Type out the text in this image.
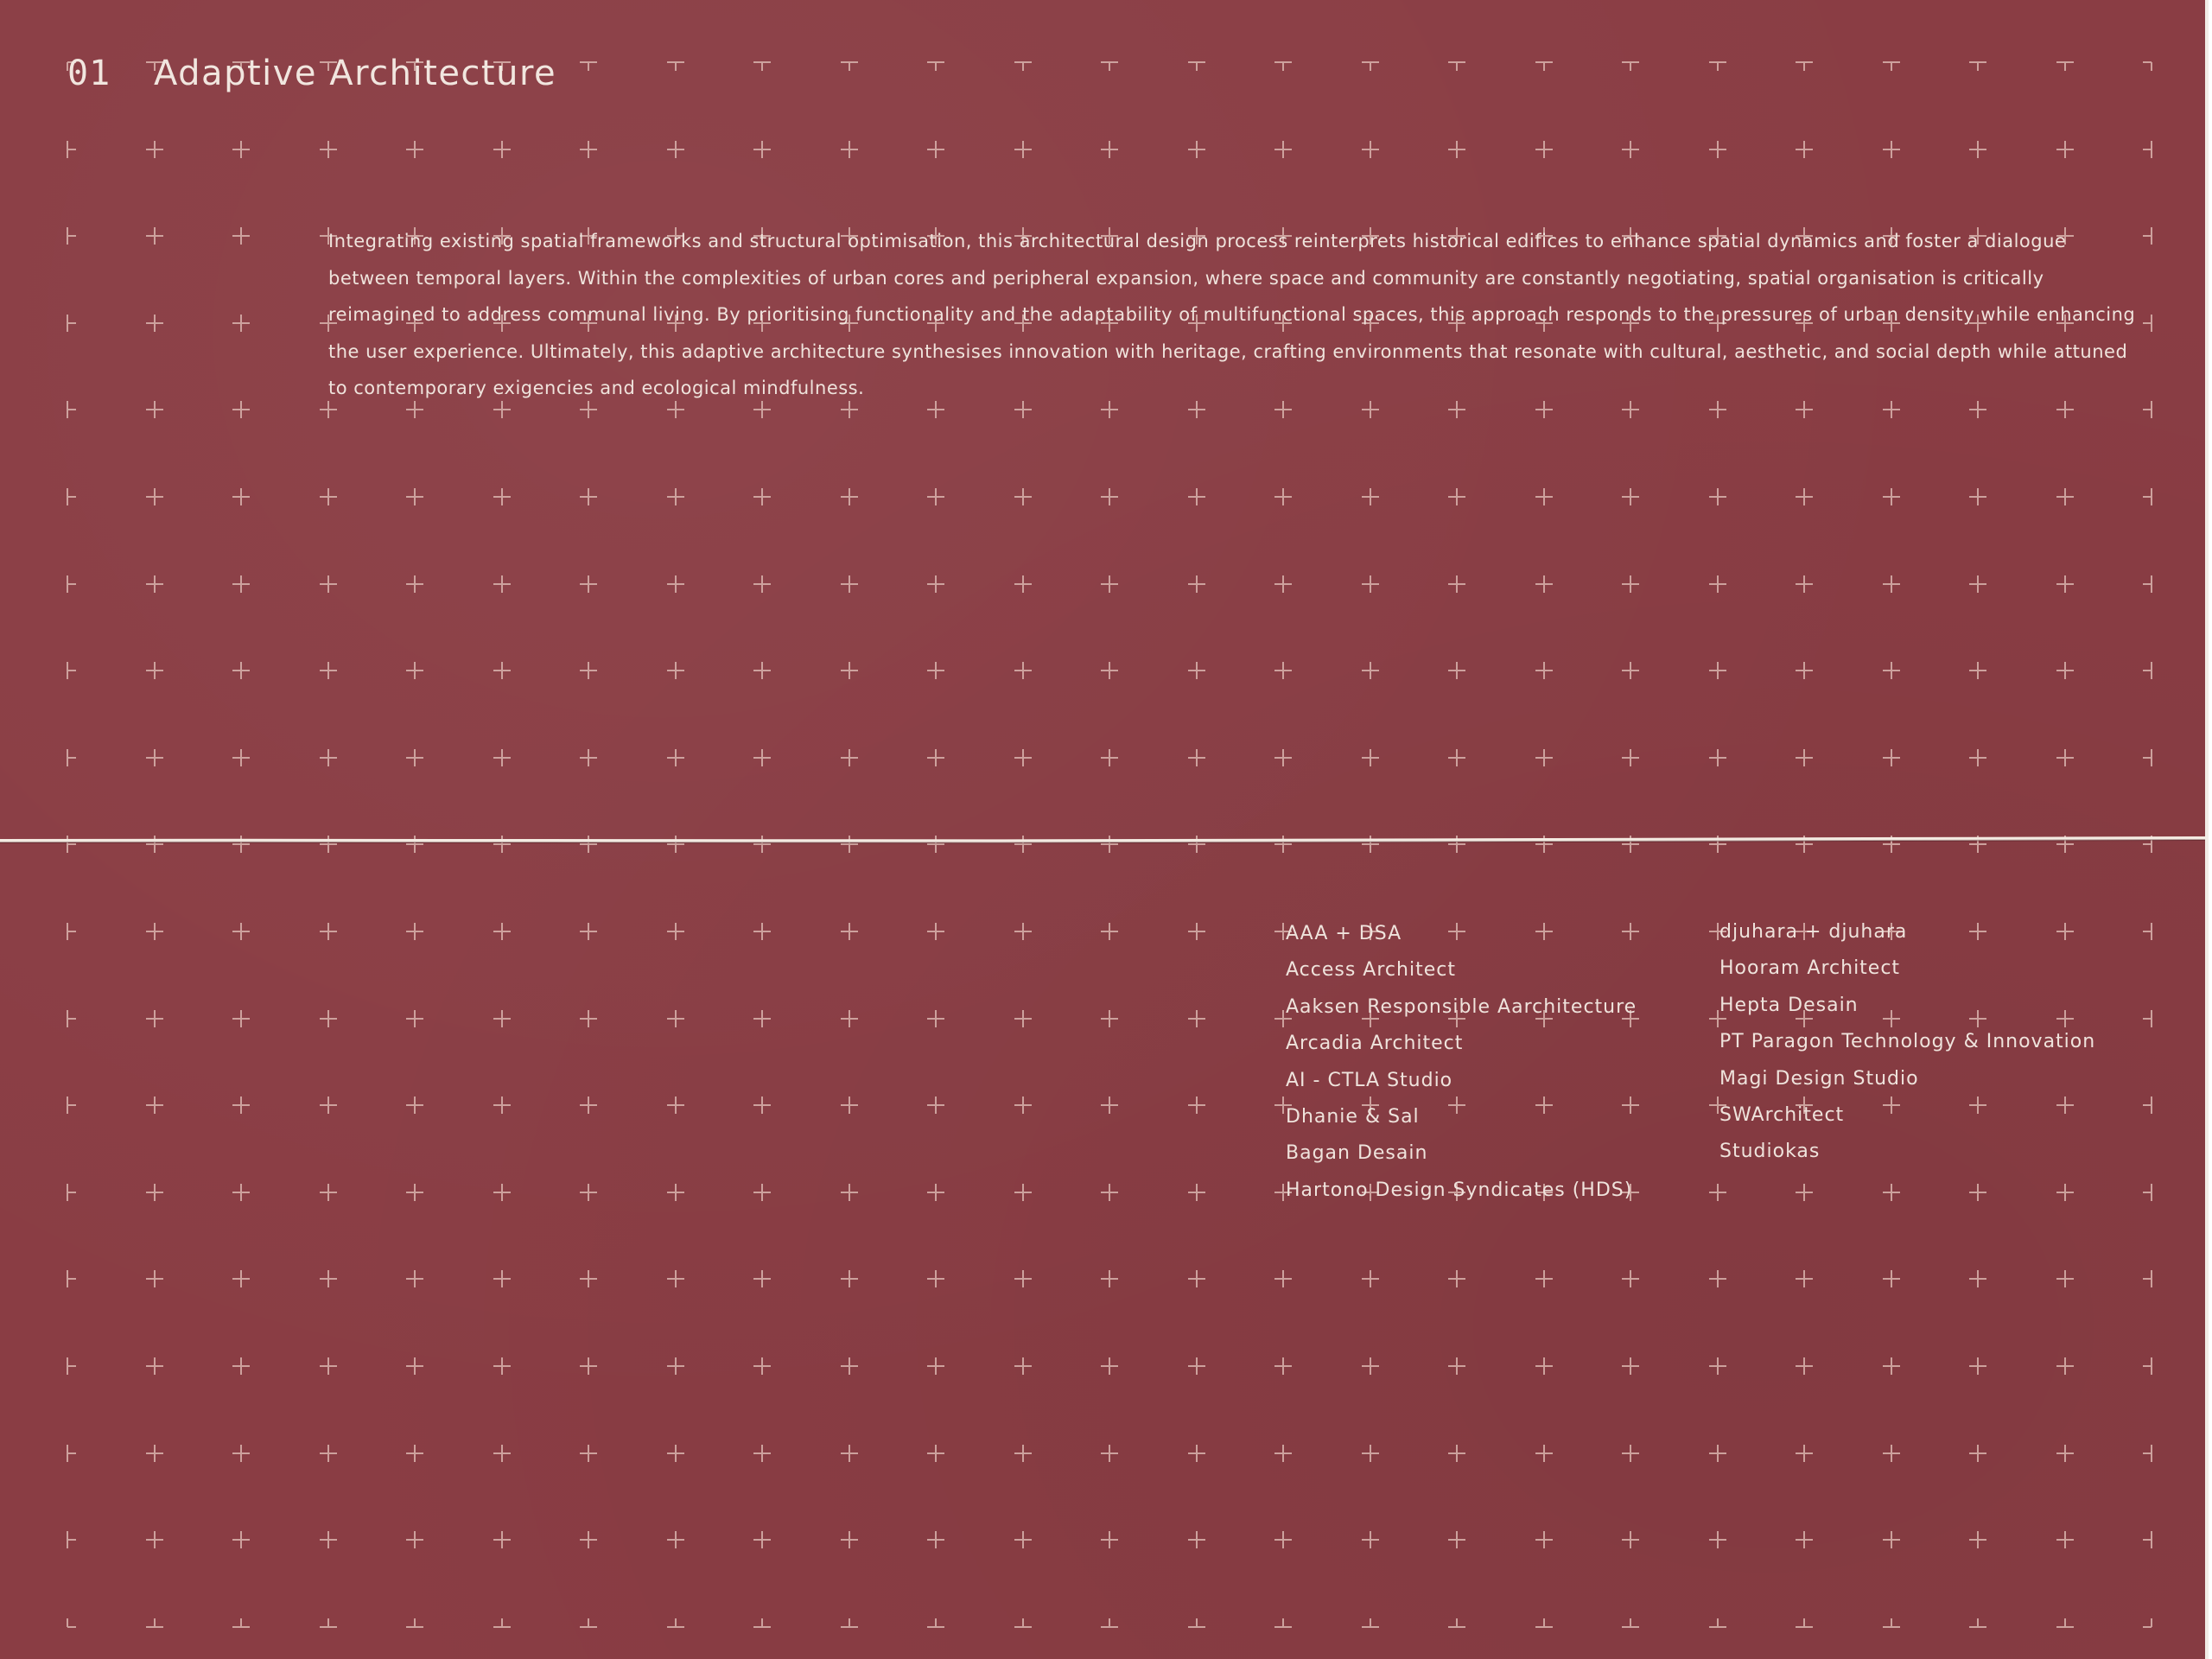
01 Adaptive Architecture

Integrating existing spatial frameworks and structural optimisation, this architectural design process reinterprets historical edifices to enhance spatial dynamics and foster a dialogue between temporal layers. Within the complexities of urban cores and peripheral expansion, where space and community are constantly negotiating, spatial organisation is critically reimagined to address communal living. By prioritising functionality and the adaptability of multifunctional spaces, this approach responds to the pressures of urban density while enhancing the user experience. Ultimately, this adaptive architecture synthesises innovation with heritage, crafting environments that resonate with cultural, aesthetic, and social depth while attuned to contemporary exigencies and ecological mindfulness.

AAA + DSA
Access Architect
Aaksen Responsible Aarchitecture
Arcadia Architect
AI - CTLA Studio
Dhanie & Sal
Bagan Desain
Hartono Design Syndicates (HDS)
djuhara + djuhara
Hooram Architect
Hepta Desain
PT Paragon Technology & Innovation
Magi Design Studio
SWArchitect
Studiokas
